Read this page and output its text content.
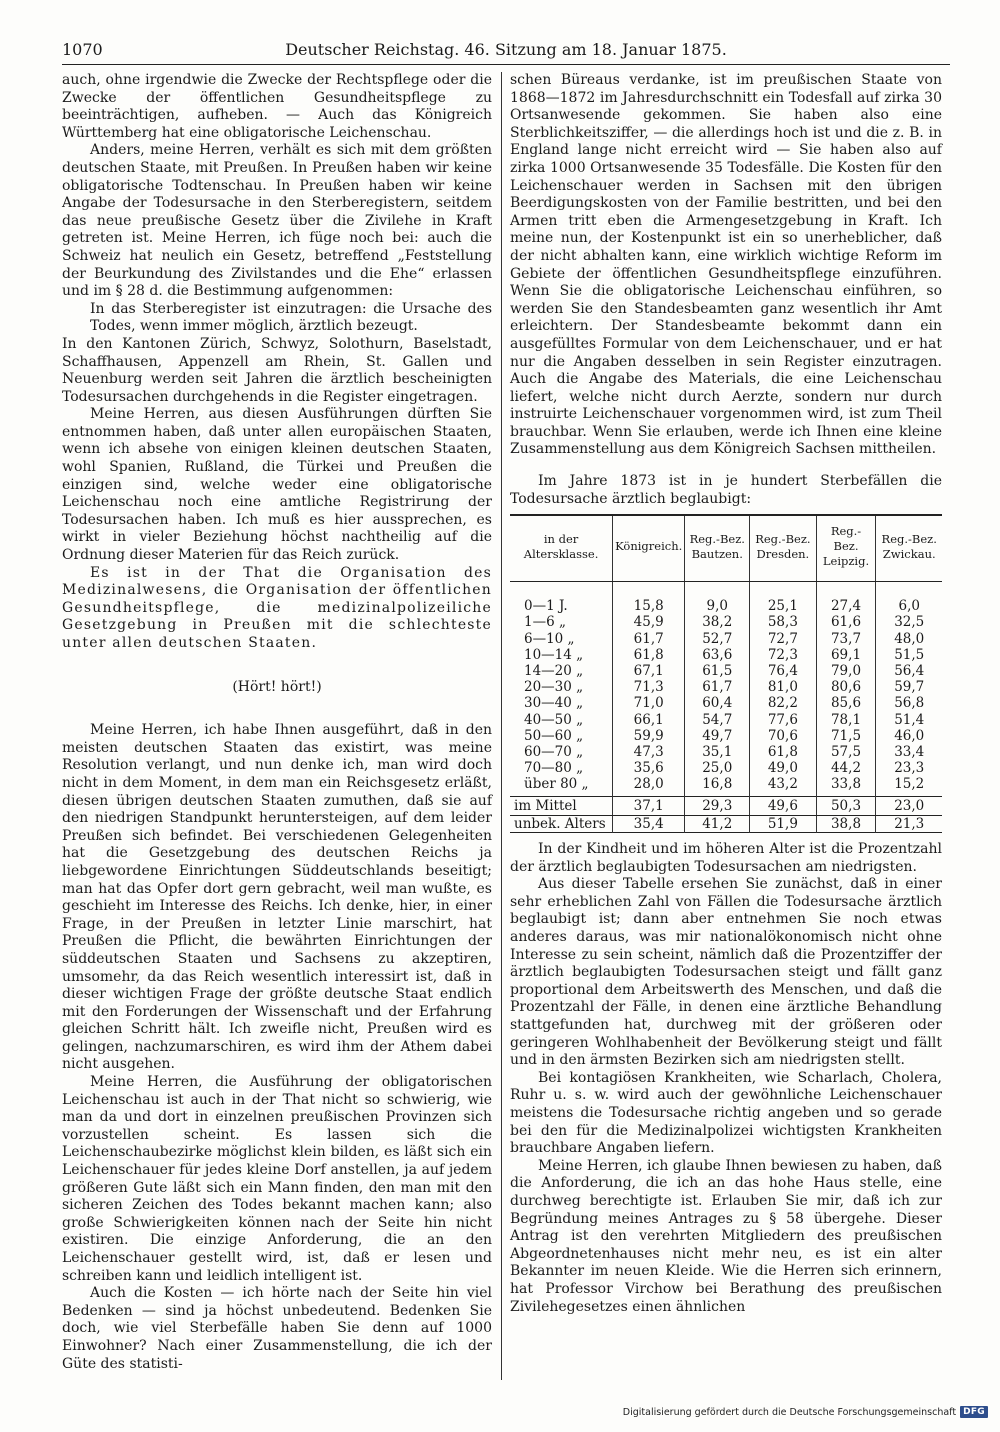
1070	Deutscher Reichstag. 46. Sitzung am 18. Januar 1875.

auch, ohne irgendwie die Zwecke der Rechtspflege oder die Zwecke der öffentlichen Gesundheitspflege zu beeinträchtigen, aufheben. — Auch das Königreich Württemberg hat eine obligatorische Leichenschau.

Anders, meine Herren, verhält es sich mit dem größten deutschen Staate, mit Preußen. In Preußen haben wir keine obligatorische Todtenschau. In Preußen haben wir keine Angabe der Todesursache in den Sterberegistern, seitdem das neue preußische Gesetz über die Zivilehe in Kraft getreten ist. Meine Herren, ich füge noch bei: auch die Schweiz hat neulich ein Gesetz, betreffend „Feststellung der Beurkundung des Zivilstandes und die Ehe“ erlassen und im § 28 d. die Bestimmung aufgenommen:

In das Sterberegister ist einzutragen: die Ursache des Todes, wenn immer möglich, ärztlich bezeugt.

In den Kantonen Zürich, Schwyz, Solothurn, Baselstadt, Schaffhausen, Appenzell am Rhein, St. Gallen und Neuenburg werden seit Jahren die ärztlich bescheinigten Todesursachen durchgehends in die Register eingetragen.

Meine Herren, aus diesen Ausführungen dürften Sie entnommen haben, daß unter allen europäischen Staaten, wenn ich absehe von einigen kleinen deutschen Staaten, wohl Spanien, Rußland, die Türkei und Preußen die einzigen sind, welche weder eine obligatorische Leichenschau noch eine amtliche Registrirung der Todesursachen haben. Ich muß es hier aussprechen, es wirkt in vieler Beziehung höchst nachtheilig auf die Ordnung dieser Materien für das Reich zurück.

Es ist in der That die Organisation des Medizinalwesens, die Organisation der öffentlichen Gesundheitspflege, die medizinalpolizeiliche Gesetzgebung in Preußen mit die schlechteste unter allen deutschen Staaten.

(Hört! hört!)

Meine Herren, ich habe Ihnen ausgeführt, daß in den meisten deutschen Staaten das existirt, was meine Resolution verlangt, und nun denke ich, man wird doch nicht in dem Moment, in dem man ein Reichsgesetz erläßt, diesen übrigen deutschen Staaten zumuthen, daß sie auf den niedrigen Standpunkt heruntersteigen, auf dem leider Preußen sich befindet. Bei verschiedenen Gelegenheiten hat die Gesetzgebung des deutschen Reichs ja liebgewordene Einrichtungen Süddeutschlands beseitigt; man hat das Opfer dort gern gebracht, weil man wußte, es geschieht im Interesse des Reichs. Ich denke, hier, in einer Frage, in der Preußen in letzter Linie marschirt, hat Preußen die Pflicht, die bewährten Einrichtungen der süddeutschen Staaten und Sachsens zu akzeptiren, umsomehr, da das Reich wesentlich interessirt ist, daß in dieser wichtigen Frage der größte deutsche Staat endlich mit den Forderungen der Wissenschaft und der Erfahrung gleichen Schritt hält. Ich zweifle nicht, Preußen wird es gelingen, nachzumarschiren, es wird ihm der Athem dabei nicht ausgehen.

Meine Herren, die Ausführung der obligatorischen Leichenschau ist auch in der That nicht so schwierig, wie man da und dort in einzelnen preußischen Provinzen sich vorzustellen scheint. Es lassen sich die Leichenschaubezirke möglichst klein bilden, es läßt sich ein Leichenschauer für jedes kleine Dorf anstellen, ja auf jedem größeren Gute läßt sich ein Mann finden, den man mit den sicheren Zeichen des Todes bekannt machen kann; also große Schwierigkeiten können nach der Seite hin nicht existiren. Die einzige Anforderung, die an den Leichenschauer gestellt wird, ist, daß er lesen und schreiben kann und leidlich intelligent ist.

Auch die Kosten — ich hörte nach der Seite hin viel Bedenken — sind ja höchst unbedeutend. Bedenken Sie doch, wie viel Sterbefälle haben Sie denn auf 1000 Einwohner? Nach einer Zusammenstellung, die ich der Güte des statisti-

schen Büreaus verdanke, ist im preußischen Staate von 1868—1872 im Jahresdurchschnitt ein Todesfall auf zirka 30 Ortsanwesende gekommen. Sie haben also eine Sterblichkeitsziffer, — die allerdings hoch ist und die z. B. in England lange nicht erreicht wird — Sie haben also auf zirka 1000 Ortsanwesende 35 Todesfälle. Die Kosten für den Leichenschauer werden in Sachsen mit den übrigen Beerdigungskosten von der Familie bestritten, und bei den Armen tritt eben die Armengesetzgebung in Kraft. Ich meine nun, der Kostenpunkt ist ein so unerheblicher, daß der nicht abhalten kann, eine wirklich wichtige Reform im Gebiete der öffentlichen Gesundheitspflege einzuführen. Wenn Sie die obligatorische Leichenschau einführen, so werden Sie den Standesbeamten ganz wesentlich ihr Amt erleichtern. Der Standesbeamte bekommt dann ein ausgefülltes Formular von dem Leichenschauer, und er hat nur die Angaben desselben in sein Register einzutragen. Auch die Angabe des Materials, die eine Leichenschau liefert, welche nicht durch Aerzte, sondern nur durch instruirte Leichenschauer vorgenommen wird, ist zum Theil brauchbar. Wenn Sie erlauben, werde ich Ihnen eine kleine Zusammenstellung aus dem Königreich Sachsen mittheilen.

Im Jahre 1873 ist in je hundert Sterbefällen die Todesursache ärztlich beglaubigt:

in der Altersklasse.	Königreich.	Reg.-Bez. Bautzen.	Reg.-Bez. Dresden.	Reg.-Bez. Leipzig.	Reg.-Bez. Zwickau.
0—1 J.	15,8	9,0	25,1	27,4	6,0
1—6 „	45,9	38,2	58,3	61,6	32,5
6—10 „	61,7	52,7	72,7	73,7	48,0
10—14 „	61,8	63,6	72,3	69,1	51,5
14—20 „	67,1	61,5	76,4	79,0	56,4
20—30 „	71,3	61,7	81,0	80,6	59,7
30—40 „	71,0	60,4	82,2	85,6	56,8
40—50 „	66,1	54,7	77,6	78,1	51,4
50—60 „	59,9	49,7	70,6	71,5	46,0
60—70 „	47,3	35,1	61,8	57,5	33,4
70—80 „	35,6	25,0	49,0	44,2	23,3
über 80 „	28,0	16,8	43,2	33,8	15,2
im Mittel	37,1	29,3	49,6	50,3	23,0
unbek. Alters	35,4	41,2	51,9	38,8	21,3

In der Kindheit und im höheren Alter ist die Prozentzahl der ärztlich beglaubigten Todesursachen am niedrigsten.

Aus dieser Tabelle ersehen Sie zunächst, daß in einer sehr erheblichen Zahl von Fällen die Todesursache ärztlich beglaubigt ist; dann aber entnehmen Sie noch etwas anderes daraus, was mir nationalökonomisch nicht ohne Interesse zu sein scheint, nämlich daß die Prozentziffer der ärztlich beglaubigten Todesursachen steigt und fällt ganz proportional dem Arbeitswerth des Menschen, und daß die Prozentzahl der Fälle, in denen eine ärztliche Behandlung stattgefunden hat, durchweg mit der größeren oder geringeren Wohlhabenheit der Bevölkerung steigt und fällt und in den ärmsten Bezirken sich am niedrigsten stellt.

Bei kontagiösen Krankheiten, wie Scharlach, Cholera, Ruhr u. s. w. wird auch der gewöhnliche Leichenschauer meistens die Todesursache richtig angeben und so gerade bei den für die Medizinalpolizei wichtigsten Krankheiten brauchbare Angaben liefern.

Meine Herren, ich glaube Ihnen bewiesen zu haben, daß die Anforderung, die ich an das hohe Haus stelle, eine durchweg berechtigte ist. Erlauben Sie mir, daß ich zur Begründung meines Antrages zu § 58 übergehe. Dieser Antrag ist den verehrten Mitgliedern des preußischen Abgeordnetenhauses nicht mehr neu, es ist ein alter Bekannter im neuen Kleide. Wie die Herren sich erinnern, hat Professor Virchow bei Berathung des preußischen Zivilehegesetzes einen ähnlichen

Digitalisierung gefördert durch die Deutsche Forschungsgemeinschaft DFG
